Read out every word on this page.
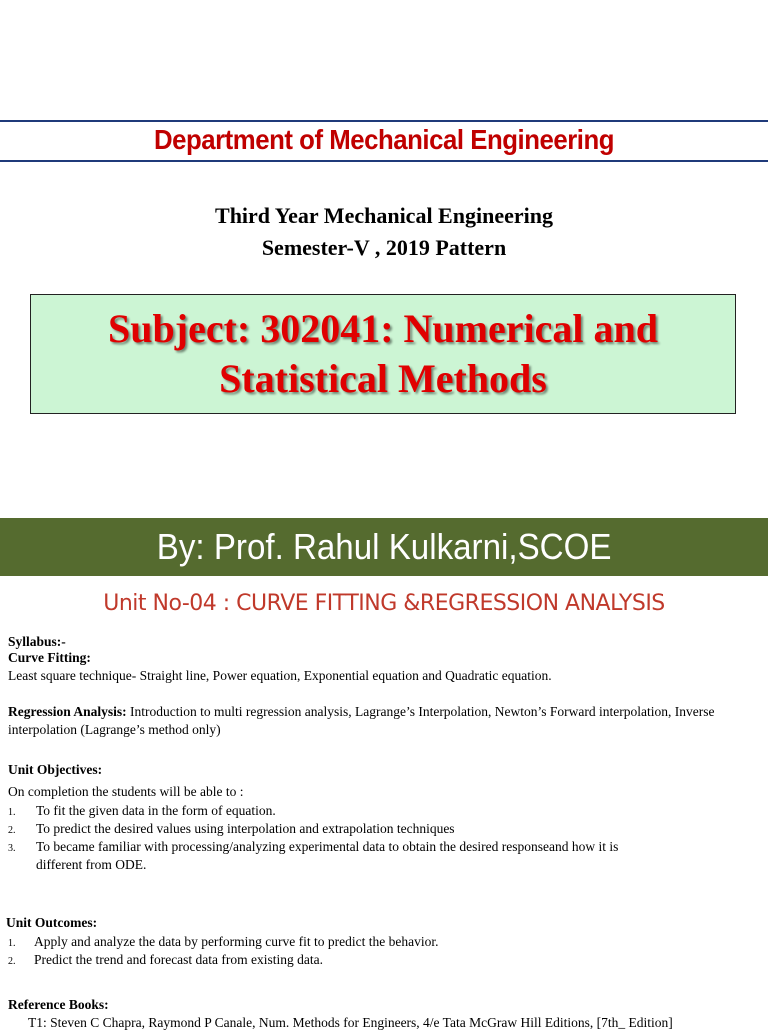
Department of Mechanical Engineering
Third Year Mechanical Engineering
Semester-V , 2019 Pattern
Subject: 302041: Numerical and
Statistical Methods
By: Prof. Rahul Kulkarni,SCOE
Unit No-04 : CURVE FITTING &REGRESSION ANALYSIS
Syllabus:-
Curve Fitting:
Least square technique- Straight line, Power equation, Exponential equation and Quadratic equation.
Regression Analysis: Introduction to multi regression analysis, Lagrange’s Interpolation, Newton’s Forward interpolation, Inverse interpolation (Lagrange’s method only)
Unit Objectives:
On completion the students will be able to :
1. To fit the given data in the form of equation.
2. To predict the desired values using interpolation and extrapolation techniques
3. To became familiar with processing/analyzing experimental data to obtain the desired responseand how it is
different from ODE.
Unit Outcomes:
1. Apply and analyze the data by performing curve fit to predict the behavior.
2. Predict the trend and forecast data from existing data.
Reference Books:
T1: Steven C Chapra, Raymond P Canale, Num. Methods for Engineers, 4/e Tata McGraw Hill Editions, [7th_ Edition]
